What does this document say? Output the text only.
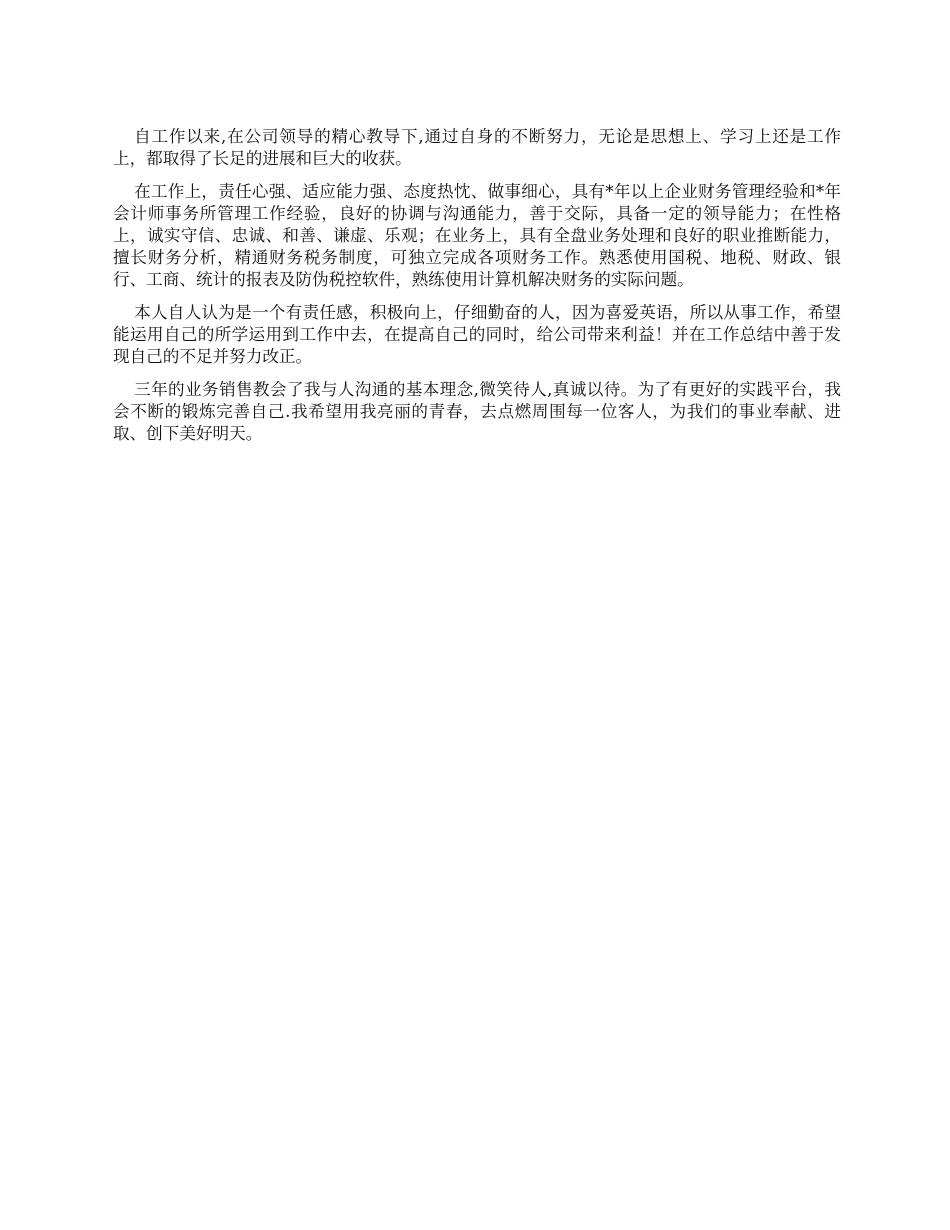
自工作以来,在公司领导的精心教导下,通过自身的不断努力，无论是思想上、学习上还是工作上，都取得了长足的进展和巨大的收获。

在工作上，责任心强、适应能力强、态度热忱、做事细心，具有*年以上企业财务管理经验和*年会计师事务所管理工作经验，良好的协调与沟通能力，善于交际，具备一定的领导能力；在性格上，诚实守信、忠诚、和善、谦虚、乐观；在业务上，具有全盘业务处理和良好的职业推断能力，擅长财务分析，精通财务税务制度，可独立完成各项财务工作。熟悉使用国税、地税、财政、银行、工商、统计的报表及防伪税控软件，熟练使用计算机解决财务的实际问题。

本人自人认为是一个有责任感，积极向上，仔细勤奋的人，因为喜爱英语，所以从事工作，希望能运用自己的所学运用到工作中去，在提高自己的同时，给公司带来利益！并在工作总结中善于发现自己的不足并努力改正。

三年的业务销售教会了我与人沟通的基本理念,微笑待人,真诚以待。为了有更好的实践平台，我会不断的锻炼完善自己.我希望用我亮丽的青春，去点燃周围每一位客人，为我们的事业奉献、进取、创下美好明天。
